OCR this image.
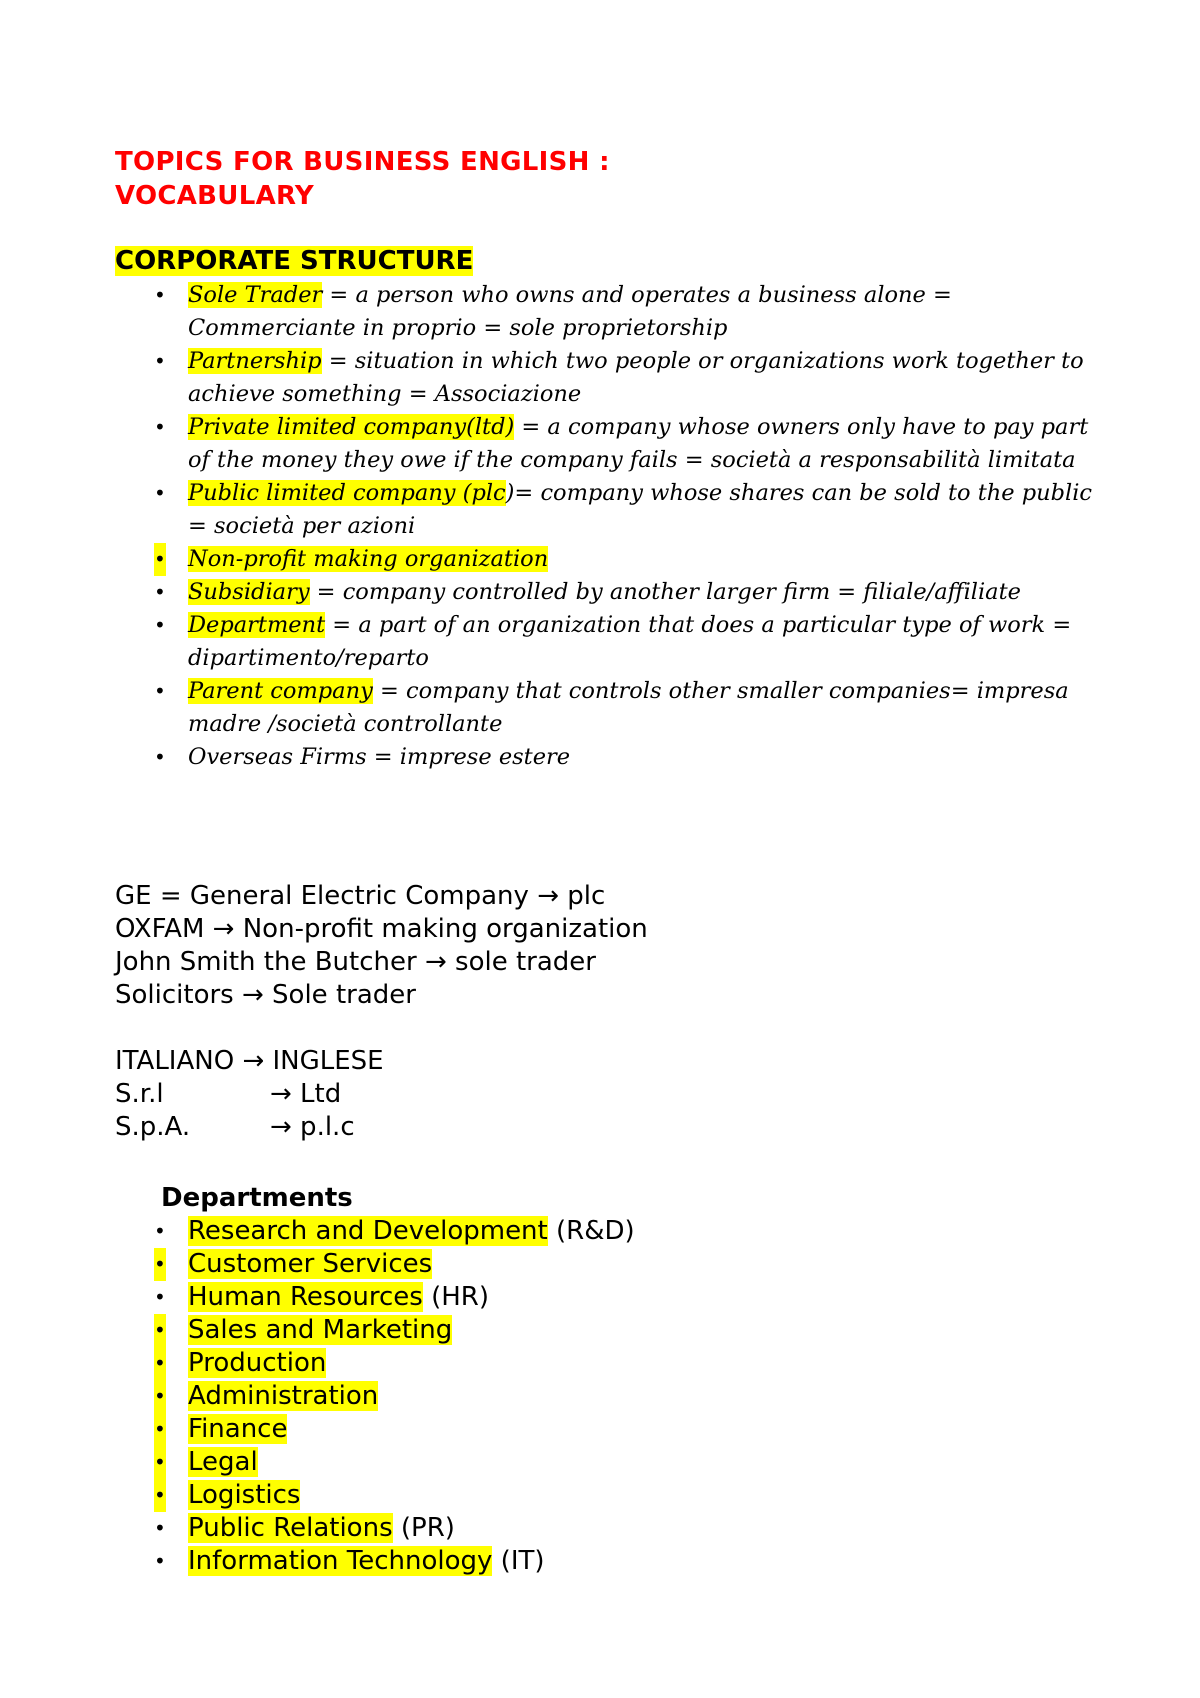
TOPICS FOR BUSINESS ENGLISH :
VOCABULARY
CORPORATE STRUCTURE
• Sole Trader = a person who owns and operates a business alone = Commerciante in proprio = sole proprietorship
• Partnership = situation in which two people or organizations work together to achieve something = Associazione
• Private limited company(ltd) = a company whose owners only have to pay part of the money they owe if the company fails = società a responsabilità limitata
• Public limited company (plc)= company whose shares can be sold to the public = società per azioni
• Non-profit making organization
• Subsidiary = company controlled by another larger firm = filiale/affiliate
• Department = a part of an organization that does a particular type of work = dipartimento/reparto
• Parent company = company that controls other smaller companies= impresa madre /società controllante
• Overseas Firms = imprese estere
GE = General Electric Company → plc
OXFAM → Non-profit making organization
John Smith the Butcher → sole trader
Solicitors → Sole trader
ITALIANO → INGLESE
S.r.l	→ Ltd
S.p.A.	→ p.l.c
Departments
• Research and Development (R&D)
• Customer Services
• Human Resources (HR)
• Sales and Marketing
• Production
• Administration
• Finance
• Legal
• Logistics
• Public Relations (PR)
• Information Technology (IT)
